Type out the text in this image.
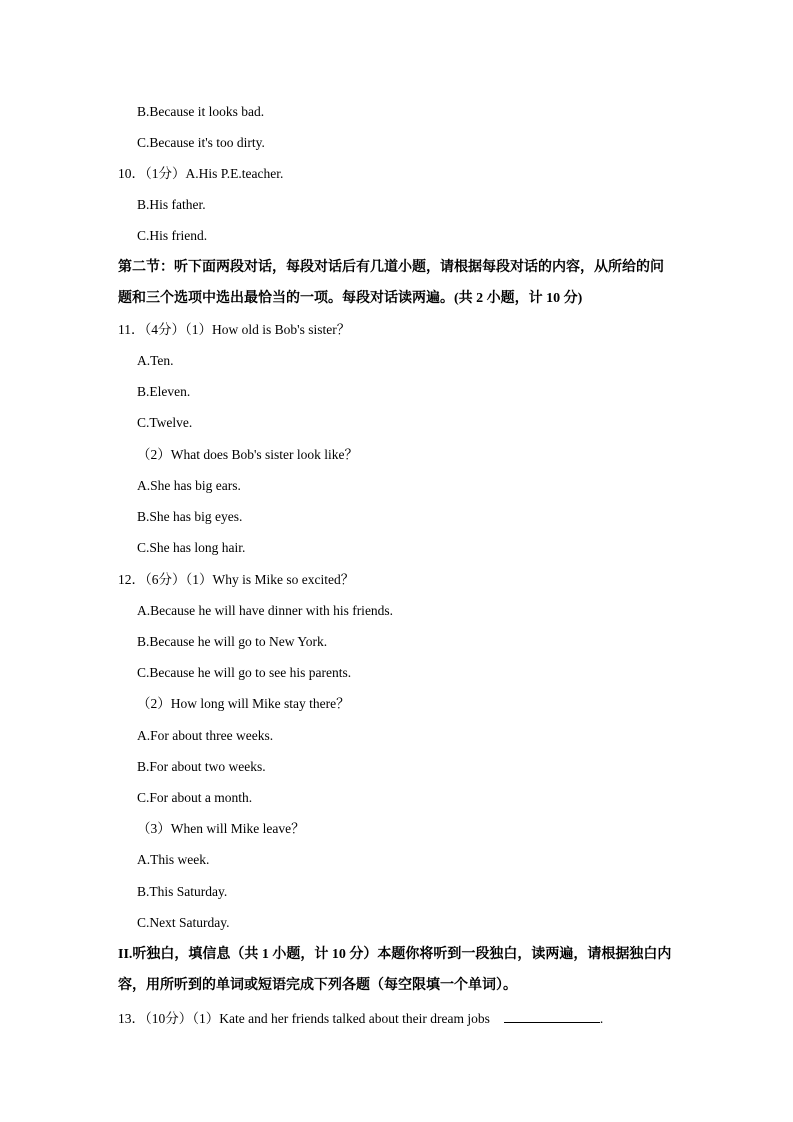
B.Because it looks bad.
C.Because it's too dirty.
10．（1分）A.His P.E.teacher.
B.His father.
C.His friend.
第二节：听下面两段对话，每段对话后有几道小题，请根据每段对话的内容，从所给的问
题和三个选项中选出最恰当的一项。每段对话读两遍。(共 2 小题，计 10 分)
11．（4分）（1）How old is Bob's sister？
A.Ten.
B.Eleven.
C.Twelve.
（2）What does Bob's sister look like？
A.She has big ears.
B.She has big eyes.
C.She has long hair.
12．（6分）（1）Why is Mike so excited？
A.Because he will have dinner with his friends.
B.Because he will go to New York.
C.Because he will go to see his parents.
（2）How long will Mike stay there？
A.For about three weeks.
B.For about two weeks.
C.For about a month.
（3）When will Mike leave？
A.This week.
B.This Saturday.
C.Next Saturday.
II.听独白，填信息（共 1 小题，计 10 分）本题你将听到一段独白，读两遍，请根据独白内
容，用所听到的单词或短语完成下列各题（每空限填一个单词）。
13．（10分）（1）Kate and her friends talked about their dream jobs	.
